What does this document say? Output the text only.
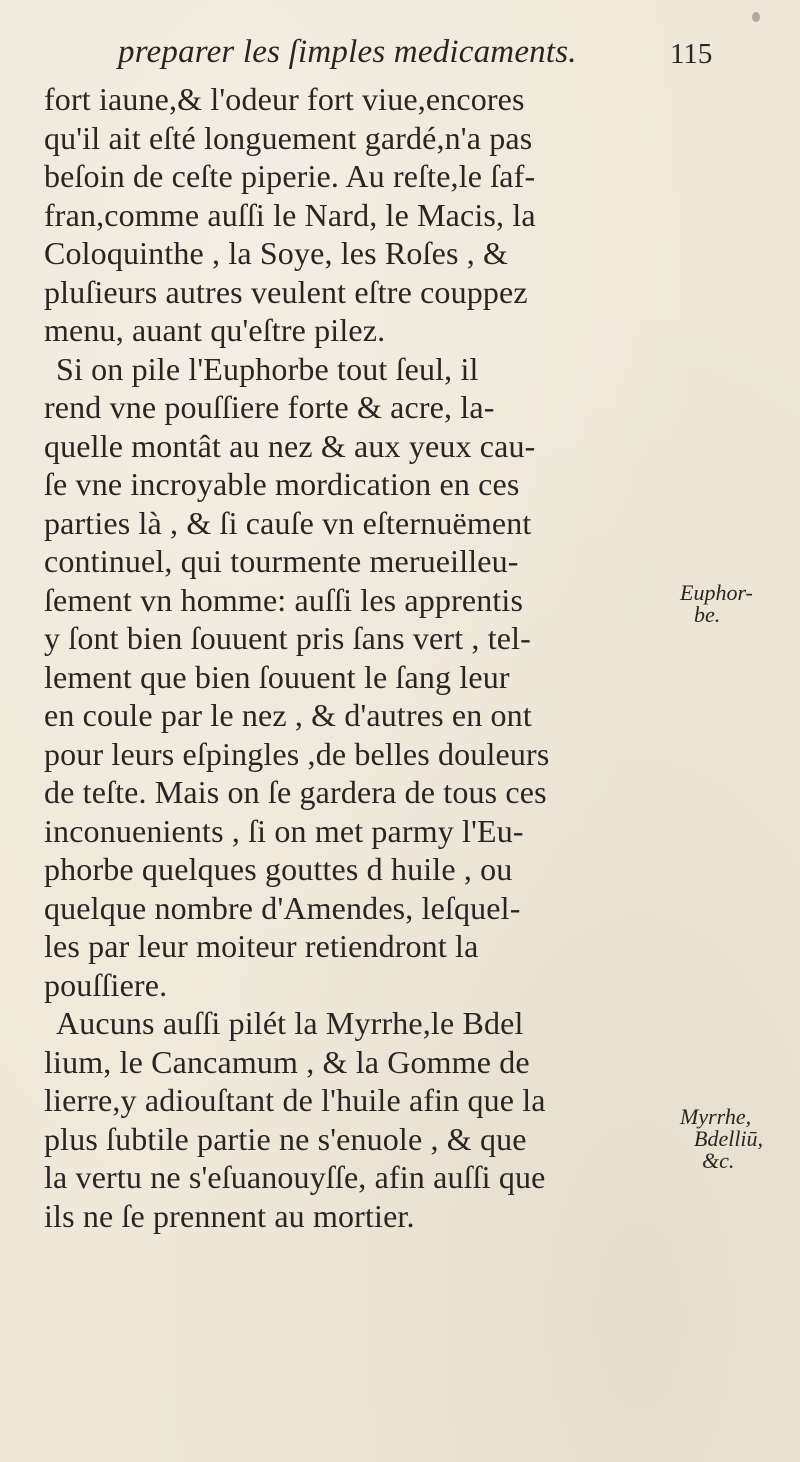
preparer les ſimples medicaments.	115
fort iaune,& l'odeur fort viue,encores
qu'il ait eſté longuement gardé,n'a pas
beſoin de ceſte piperie. Au reſte,le ſaf-
fran,comme auſſi le Nard, le Macis, la
Coloquinthe , la Soye, les Roſes , &
pluſieurs autres veulent eſtre couppez
menu, auant qu'eſtre pilez.
Si on pile l'Euphorbe tout ſeul, il
rend vne pouſſiere forte & acre, la-
quelle montât au nez & aux yeux cau-
ſe vne incroyable mordication en ces
parties là , & ſi cauſe vn eſternuëment
continuel, qui tourmente merueilleu-
ſement vn homme: auſſi les apprentis
y ſont bien ſouuent pris ſans vert , tel-
lement que bien ſouuent le ſang leur
en coule par le nez , & d'autres en ont
pour leurs eſpingles ,de belles douleurs
de teſte. Mais on ſe gardera de tous ces
inconuenients , ſi on met parmy l'Eu-
phorbe quelques gouttes d huile , ou
quelque nombre d'Amendes, leſquel-
les par leur moiteur retiendront la
pouſſiere.
Aucuns auſſi pilét la Myrrhe,le Bdel
lium, le Cancamum , & la Gomme de
lierre,y adiouſtant de l'huile afin que la
plus ſubtile partie ne s'enuole , & que
la vertu ne s'eſuanouyſſe, afin auſſi que
ils ne ſe prennent au mortier.
Euphor-
be.
Myrrhe,
Bdelliū,
&c.
